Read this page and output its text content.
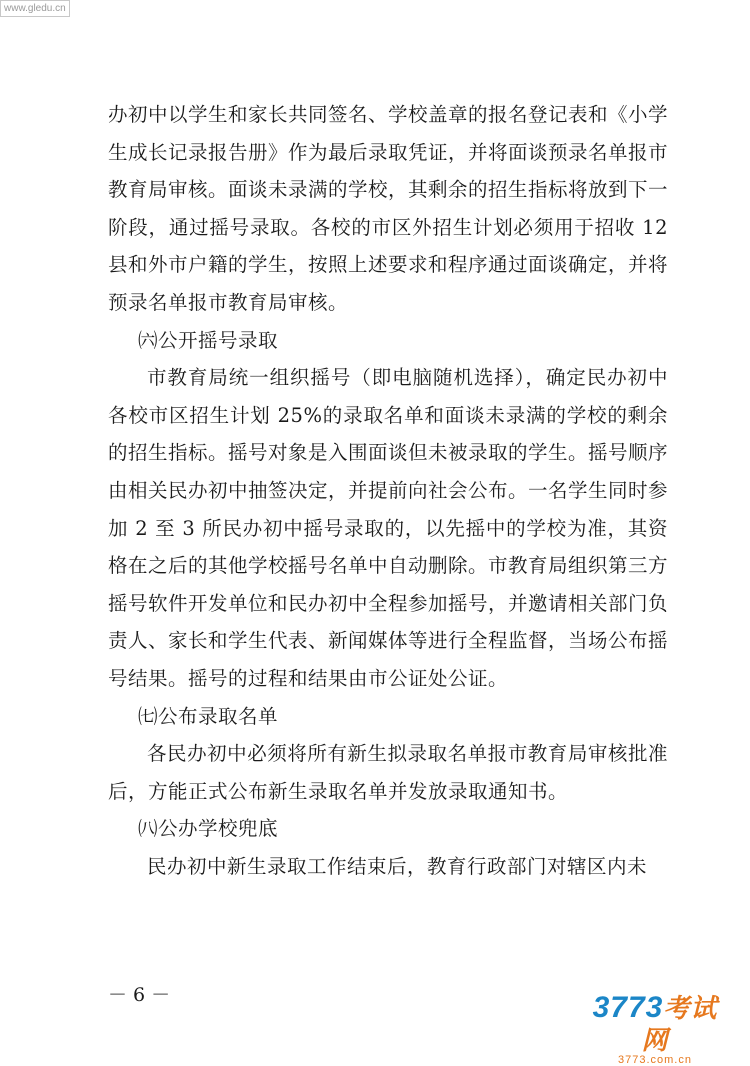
www.gledu.cn

办初中以学生和家长共同签名、学校盖章的报名登记表和《小学生成长记录报告册》作为最后录取凭证，并将面谈预录名单报市教育局审核。面谈未录满的学校，其剩余的招生指标将放到下一阶段，通过摇号录取。各校的市区外招生计划必须用于招收 12 县和外市户籍的学生，按照上述要求和程序通过面谈确定，并将预录名单报市教育局审核。

㈥公开摇号录取

市教育局统一组织摇号（即电脑随机选择），确定民办初中各校市区招生计划 25%的录取名单和面谈未录满的学校的剩余的招生指标。摇号对象是入围面谈但未被录取的学生。摇号顺序由相关民办初中抽签决定，并提前向社会公布。一名学生同时参加 2 至 3 所民办初中摇号录取的，以先摇中的学校为准，其资格在之后的其他学校摇号名单中自动删除。市教育局组织第三方摇号软件开发单位和民办初中全程参加摇号，并邀请相关部门负责人、家长和学生代表、新闻媒体等进行全程监督，当场公布摇号结果。摇号的过程和结果由市公证处公证。

㈦公布录取名单

各民办初中必须将所有新生拟录取名单报市教育局审核批准后，方能正式公布新生录取名单并发放录取通知书。

㈧公办学校兜底

民办初中新生录取工作结束后，教育行政部门对辖区内未

－ 6 －	3773考试网
3773.com.cn
